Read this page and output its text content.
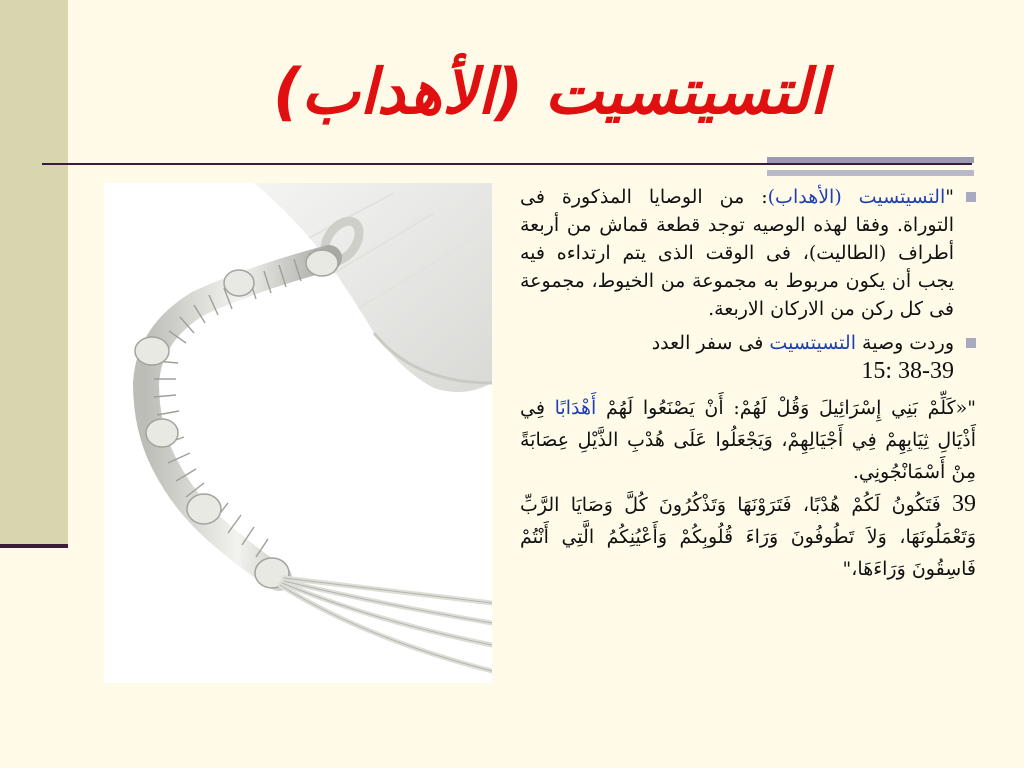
التسيتسيت (الأهداب)
"التسيتسيت (الأهداب): من الوصايا المذكورة فى التوراة. وفقا لهذه الوصيه توجد قطعة قماش من أربعة أطراف (الطاليت)، فى الوقت الذى يتم ارتداءه فيه يجب أن يكون مربوط به مجموعة من الخيوط، مجموعة فى كل ركن من الاركان الاربعة.
وردت وصية التسيتسيت فى سفر العدد
15: 38-39
"«كَلِّمْ بَنِي إِسْرَائِيلَ وَقُلْ لَهُمْ: أَنْ يَصْنَعُوا لَهُمْ أَهْدَابًا فِي أَذْيَالِ ثِيَابِهِمْ فِي أَجْيَالِهِمْ، وَيَجْعَلُوا عَلَى هُدْبِ الذَّيْلِ عِصَابَةً مِنْ أَسْمَانْجُونِي.
39 فَتَكُونُ لَكُمْ هُدْبًا، فَتَرَوْنَهَا وَتَذْكُرُونَ كُلَّ وَصَايَا الرَّبِّ وَتَعْمَلُونَهَا، وَلاَ تَطُوفُونَ وَرَاءَ قُلُوبِكُمْ وَأَعْيُنِكُمُ الَّتِي أَنْتُمْ فَاسِقُونَ وَرَاءَهَا،"
